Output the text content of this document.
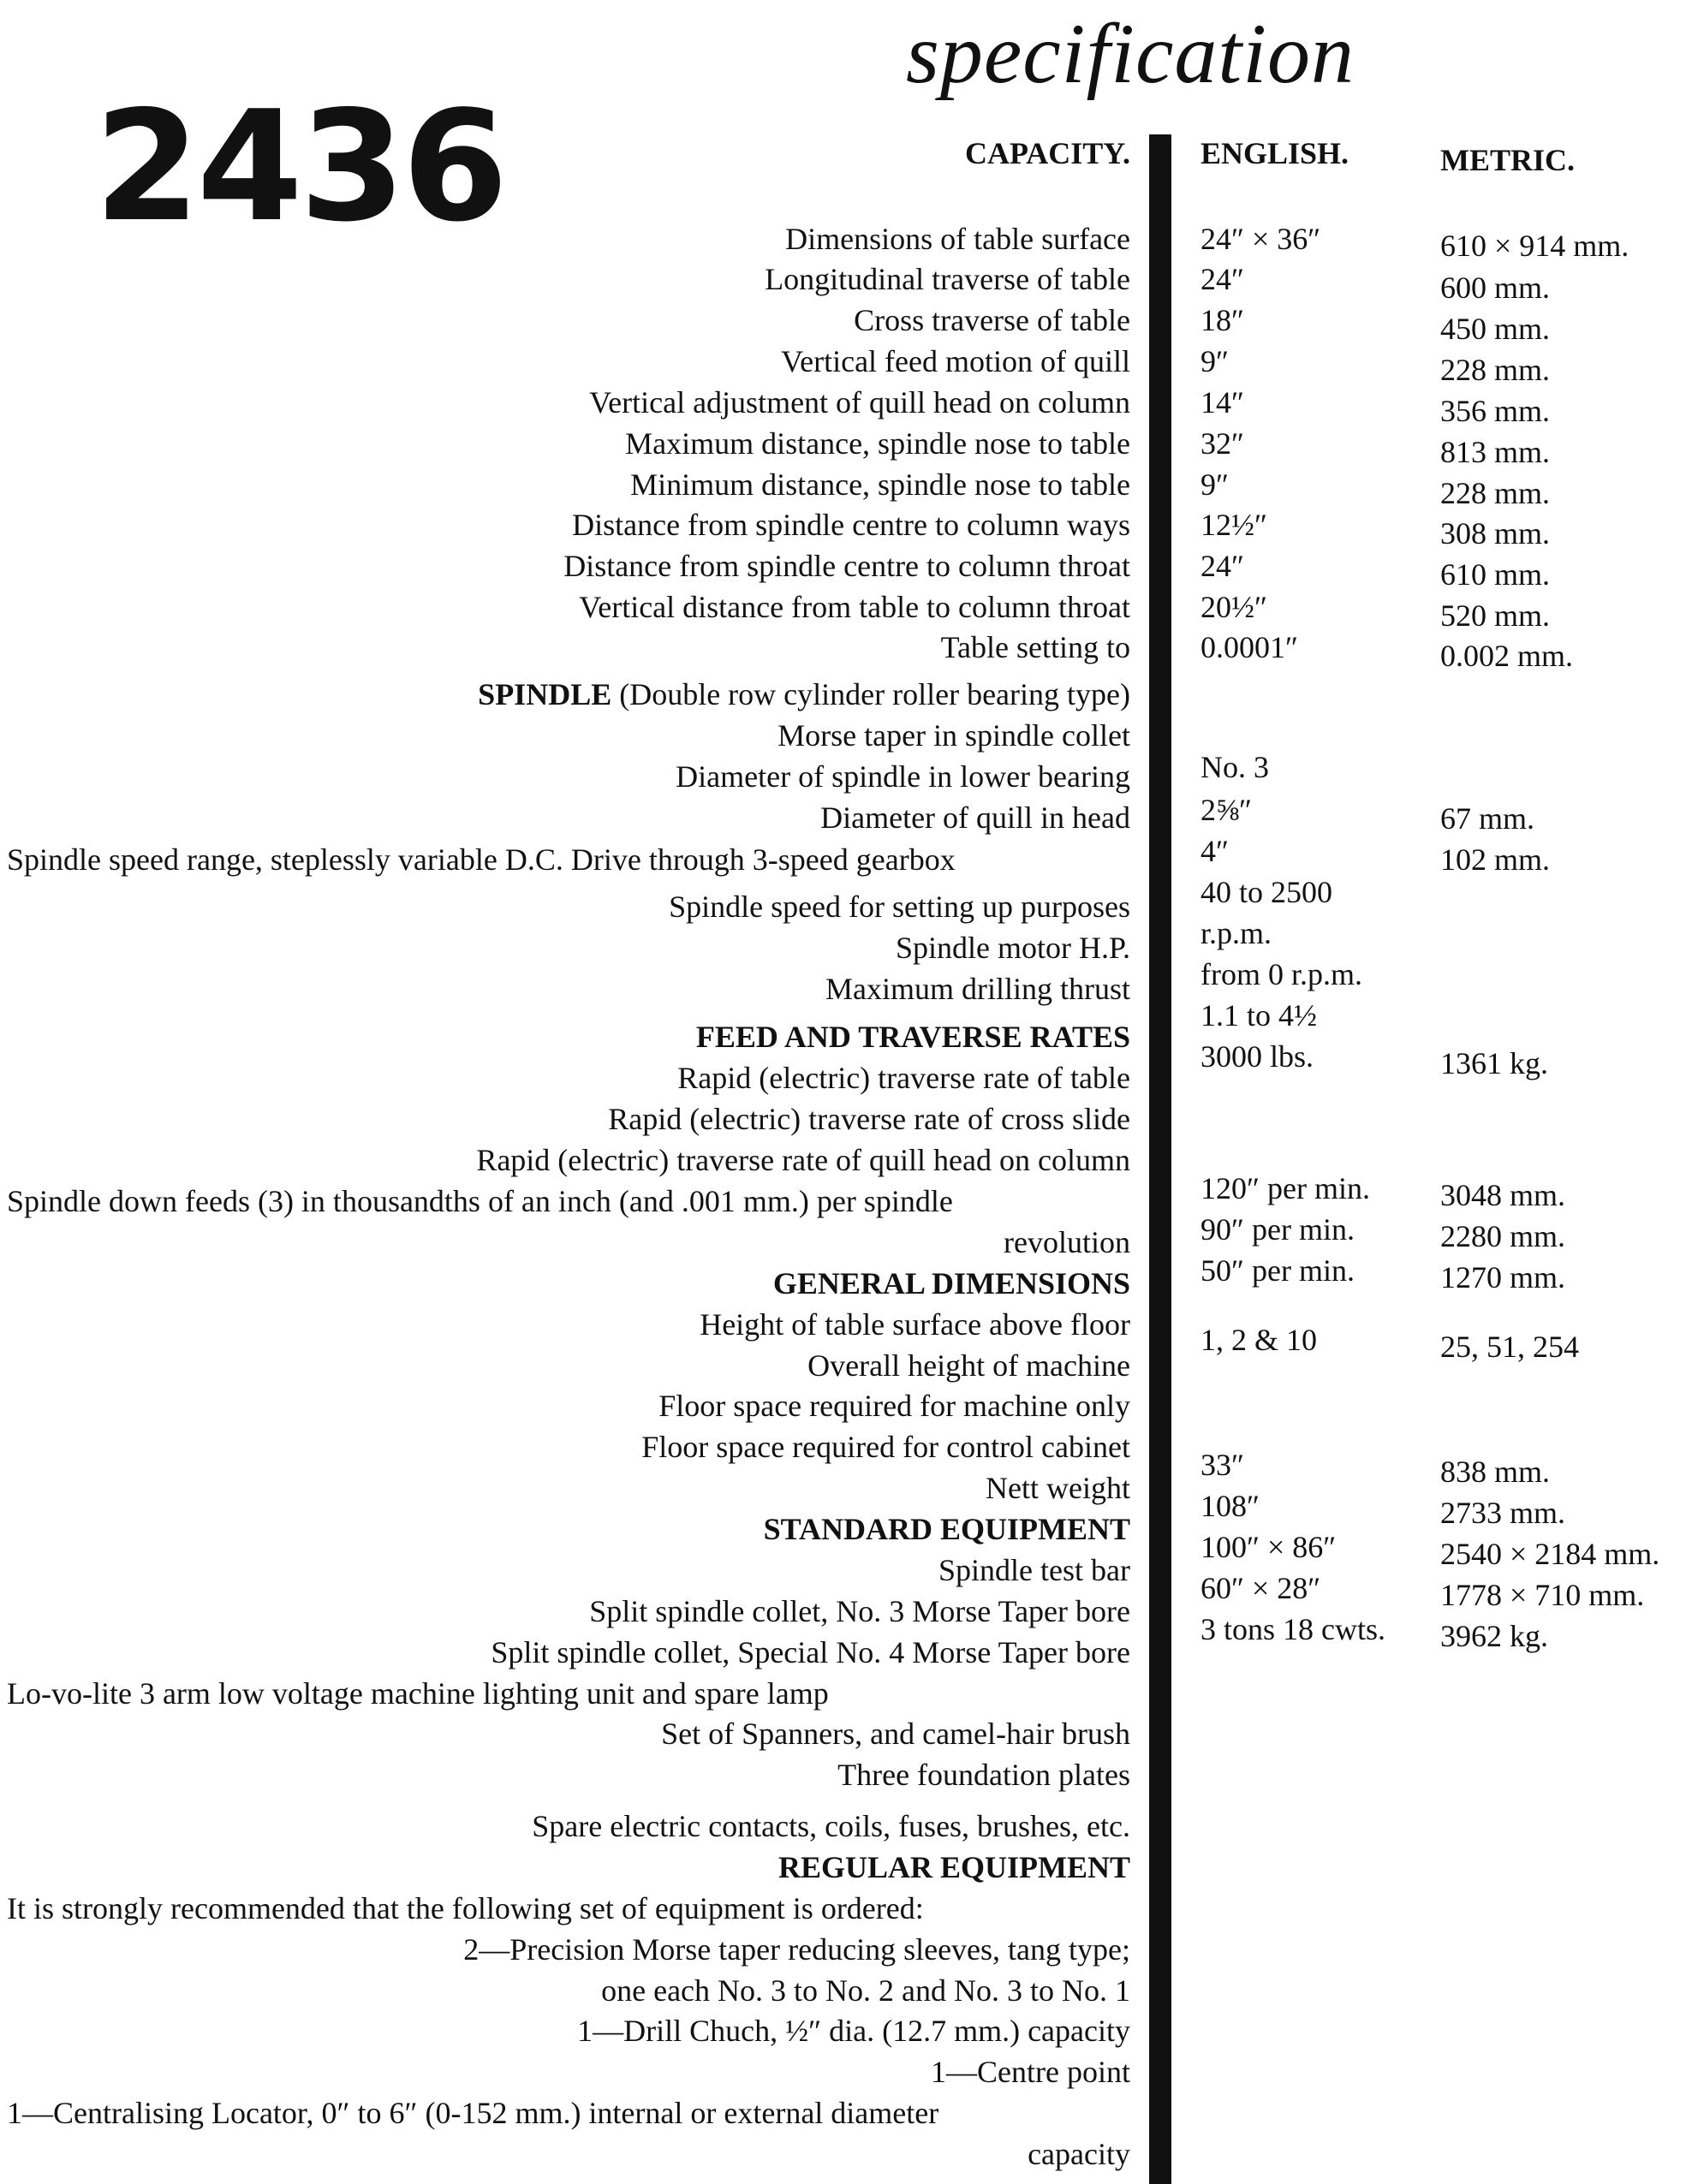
specification
2436	CAPACITY. ENGLISH.	METRIC.
Dimensions of table surface
Longitudinal traverse of table
Cross traverse of table
Vertical feed motion of quill
Vertical adjustment of quill head on column
Maximum distance, spindle nose to table
Minimum distance, spindle nose to table
Distance from spindle centre to column ways
Distance from spindle centre to column throat
Vertical distance from table to column throat
Table setting to
SPINDLE (Double row cylinder roller bearing type)
Morse taper in spindle collet
Diameter of spindle in lower bearing
Diameter of quill in head
Spindle speed range, steplessly variable D.C. Drive through 3-speed gearbox
Spindle speed for setting up purposes
Spindle motor H.P.
Maximum drilling thrust
FEED AND TRAVERSE RATES
Rapid (electric) traverse rate of table
Rapid (electric) traverse rate of cross slide
Rapid (electric) traverse rate of quill head on column
Spindle down feeds (3) in thousandths of an inch (and .001 mm.) per spindle
revolution
GENERAL DIMENSIONS
Height of table surface above floor
Overall height of machine
Floor space required for machine only
Floor space required for control cabinet
Nett weight
STANDARD EQUIPMENT
Spindle test bar
Split spindle collet, No. 3 Morse Taper bore
Split spindle collet, Special No. 4 Morse Taper bore
Lo-vo-lite 3 arm low voltage machine lighting unit and spare lamp
Set of Spanners, and camel-hair brush
Three foundation plates
Spare electric contacts, coils, fuses, brushes, etc.
REGULAR EQUIPMENT
It is strongly recommended that the following set of equipment is ordered:
2—Precision Morse taper reducing sleeves, tang type;
one each No. 3 to No. 2 and No. 3 to No. 1
1—Drill Chuch, ½″ dia. (12.7 mm.) capacity
1—Centre point
1—Centralising Locator, 0″ to 6″ (0-152 mm.) internal or external diameter
capacity
24″ × 36″
24″
18″
9″
14″
32″
9″
12½″
24″
20½″
0.0001″
No. 3
2⅝″
4″
40 to 2500
r.p.m.
from 0 r.p.m.
1.1 to 4½
3000 lbs.
120″ per min.
90″ per min.
50″ per min.
1, 2 & 10
33″
108″
100″ × 86″
60″ × 28″
3 tons 18 cwts.
610 × 914 mm.
600 mm.
450 mm.
228 mm.
356 mm.
813 mm.
228 mm.
308 mm.
610 mm.
520 mm.
0.002 mm.
67 mm.
102 mm.
1361 kg.
3048 mm.
2280 mm.
1270 mm.
25, 51, 254
838 mm.
2733 mm.
2540 × 2184 mm.
1778 × 710 mm.
3962 kg.
